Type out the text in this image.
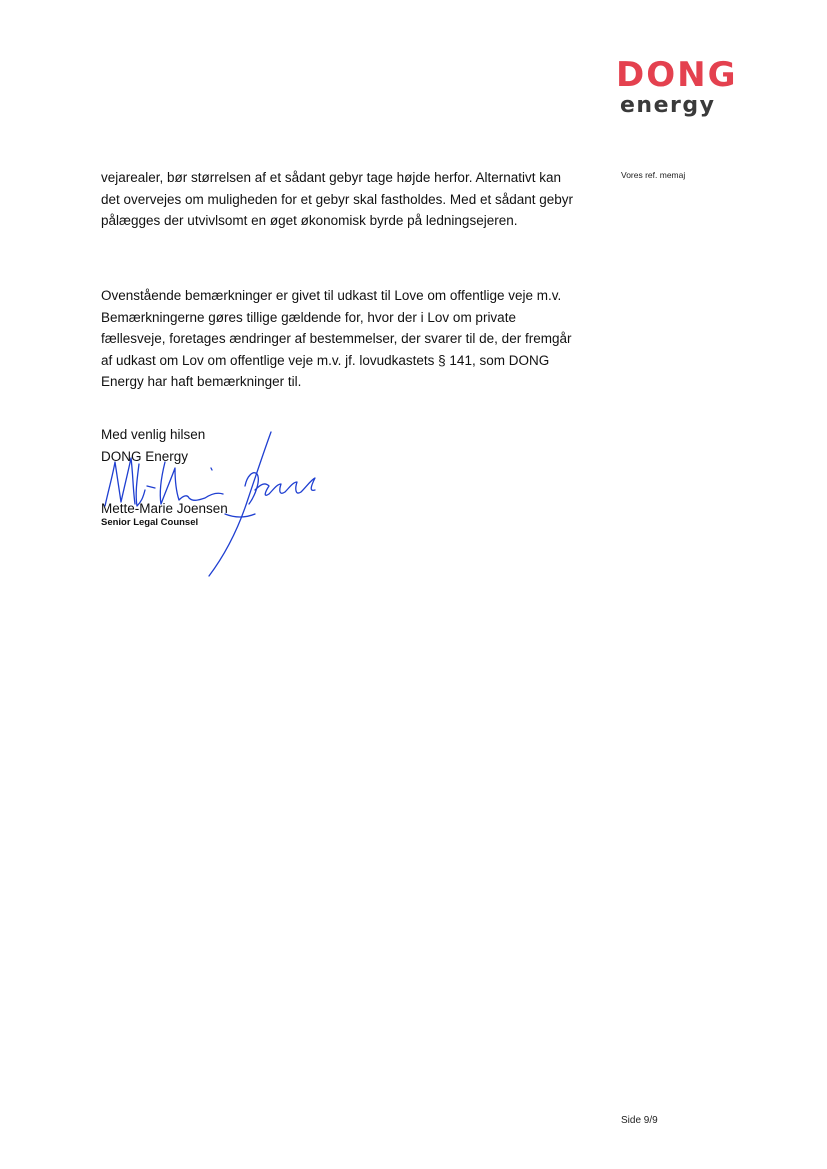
DONG
energy
Vores ref. memaj
vejarealer, bør størrelsen af et sådant gebyr tage højde herfor. Alternativt kan
det overvejes om muligheden for et gebyr skal fastholdes. Med et sådant gebyr
pålægges der utvivlsomt en øget økonomisk byrde på ledningsejeren.
Ovenstående bemærkninger er givet til udkast til Love om offentlige veje m.v.
Bemærkningerne gøres tillige gældende for, hvor der i Lov om private
fællesveje, foretages ændringer af bestemmelser, der svarer til de, der fremgår
af udkast om Lov om offentlige veje m.v. jf. lovudkastets § 141, som DONG
Energy har haft bemærkninger til.
Med venlig hilsen
DONG Energy
Mette-Marie Joensen
Senior Legal Counsel
Side 9/9
